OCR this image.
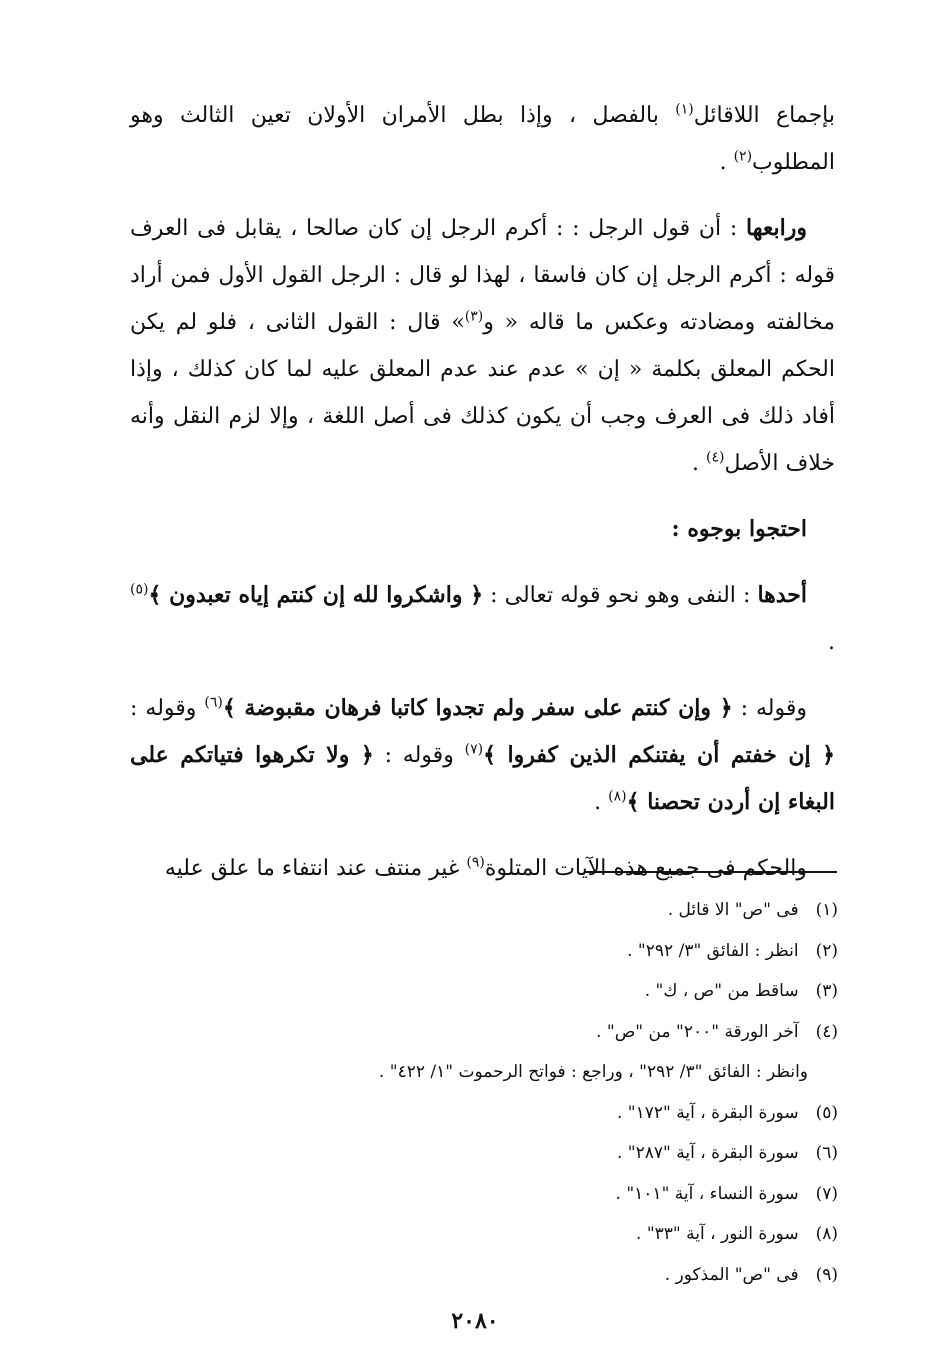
بإجماع اللاقائل$^{(١)}$ بالفصل ، وإذا بطل الأمران الأولان تعين الثالث وهو المطلوب$^{(٢)}$ .

ورابعها : أن قول الرجل : : أكرم الرجل إن كان صالحا ، يقابل فى العرف قوله : أكرم الرجل إن كان فاسقا ، لهذا لو قال : الرجل القول الأول فمن أراد مخالفته ومضادته وعكس ما قاله « و$^{(٣)}$» قال : القول الثانى ، فلو لم يكن الحكم المعلق بكلمة « إن » عدم عند عدم المعلق عليه لما كان كذلك ، وإذا أفاد ذلك فى العرف وجب أن يكون كذلك فى أصل اللغة ، وإلا لزم النقل وأنه خلاف الأصل$^{(٤)}$ .

احتجوا بوجوه :

أحدها : النفى وهو نحو قوله تعالى : ﴿ واشكروا لله إن كنتم إياه تعبدون ﴾$^{(٥)}$ .

وقوله : ﴿ وإن كنتم على سفر ولم تجدوا كاتبا فرهان مقبوضة ﴾$^{(٦)}$ وقوله : ﴿ إن خفتم أن يفتنكم الذين كفروا ﴾$^{(٧)}$ وقوله : ﴿ ولا تكرهوا فتياتكم على البغاء إن أردن تحصنا ﴾$^{(٨)}$ .

والحكم فى جميع هذه الآيات المتلوة$^{(٩)}$ غير منتف عند انتفاء ما علق عليه

(١) فى "ص" الا قائل .

(٢) انظر : الفائق "٣/ ٢٩٢" .

(٣) ساقط من "ص ، ك" .

(٤) آخر الورقة "٢٠٠" من "ص" .

وانظر : الفائق "٣/ ٢٩٢" ، وراجع : فواتح الرحموت "١/ ٤٢٢" .

(٥) سورة البقرة ، آية "١٧٢" .

(٦) سورة البقرة ، آية "٢٨٧" .

(٧) سورة النساء ، آية "١٠١" .

(٨) سورة النور ، آية "٣٣" .

(٩) فى "ص" المذكور .

٢٠٨٠
